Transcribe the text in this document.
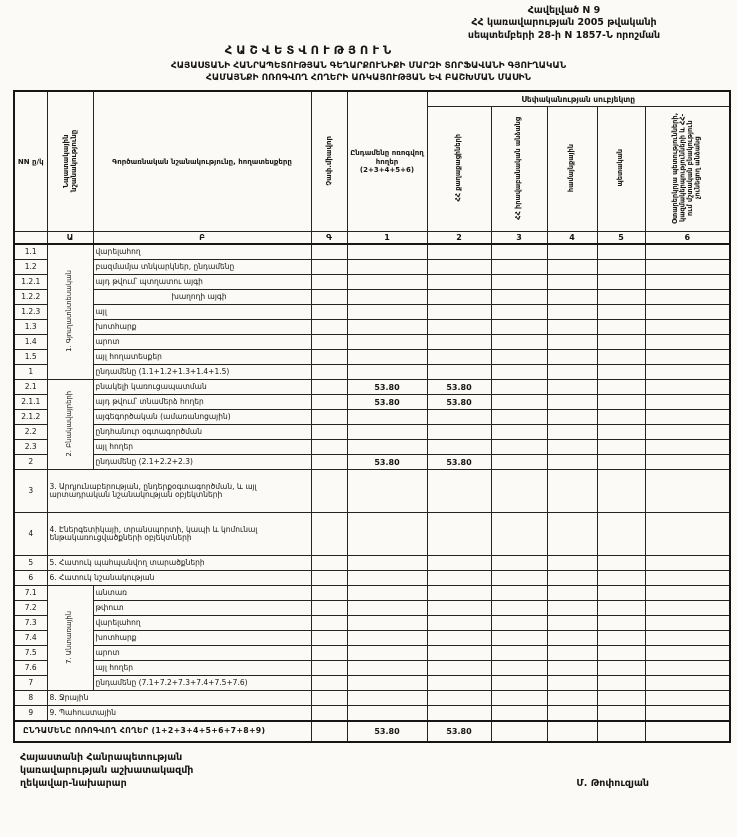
Հավելված N 9
ՀՀ կառավարության 2005 թվականի
սեպտեմբերի 28-ի N 1857-Ն որոշման
ՀԱՇՎԵՏՎՈՒԹՅՈՒՆ
ՀԱՅԱՍՏԱՆԻ ՀԱՆՐԱՊԵՏՈՒԹՅԱՆ ԳԵՂԱՐՔՈՒՆԻՔԻ ՄԱՐԶԻ ՏՈՐՖԱՎԱՆԻ ԳՅՈՒՂԱԿԱՆ
ՀԱՄԱՅՆՔԻ ՈՌՈԳՎՈՂ ՀՈՂԵՐԻ ԱՌԿԱՅՈՒԹՅԱՆ ԵՎ ԲԱՇԽՄԱՆ ՄԱՍԻՆ
NN ը/կ	Նպատակային նշանակությունը	Գործառնական նշանակությունը, հողատեսքերը	Չափ.միավոր	Ընդամենը ոռոգվող հողեր (2+3+4+5+6)	Սեփականության սուբյեկտը				
					ՀՀ քաղաքացիների	ՀՀ իրավաբանական անձանց	համայնքային	պետական	Օտարերկրյա պետությունների, կազմակերպությունների և ՀՀ-ում մշտական բնակություն չունեցող անձանց
	Ա	Բ	Գ	1	2	3	4	5	6
1.1	1. Գյուղատնտեսական	վարելահող							
1.2		բազմամյա տնկարկներ, ընդամենը							
1.2.1		այդ թվում՝ պտղատու այգի							
1.2.2		խաղողի այգի							
1.2.3		այլ							
1.3		խոտհարք							
1.4		արոտ							
1.5		այլ հողատեսքեր							
1		ընդամենը (1.1+1.2+1.3+1.4+1.5)							
2.1	2. Բնակավայրերի	բնակելի կառուցապատման		53.80	53.80				
2.1.1		այդ թվում՝ տնամերձ հողեր		53.80	53.80				
2.1.2		այգեգործական (ամառանոցային)							
2.2		ընդհանուր օգտագործման							
2.3		այլ հողեր							
2		ընդամենը (2.1+2.2+2.3)		53.80	53.80				
3	3. Արդյունաբերության, ընդերքօգտագործման, և այլ արտադրական նշանակության օբյեկտների								
4	4. Էներգետիկայի, տրանսպորտի, կապի և կոմունալ ենթակառուցվածքների օբյեկտների								
5	5. Հատուկ պահպանվող տարածքների								
6	6. Հատուկ նշանակության								
7.1	7. Անտառային	անտառ							
7.2		թփուտ							
7.3		վարելահող							
7.4		խոտհարք							
7.5		արոտ							
7.6		այլ հողեր							
7		ընդամենը (7.1+7.2+7.3+7.4+7.5+7.6)							
8	8. Ջրային								
9	9. Պահուստային								
ԸՆԴԱՄԵՆԸ ՈՌՈԳՎՈՂ ՀՈՂԵՐ (1+2+3+4+5+6+7+8+9)				53.80	53.80				
Հայաստանի Հանրապետության
կառավարության աշխատակազմի
ղեկավար-նախարար	Մ. Թոփուզյան
